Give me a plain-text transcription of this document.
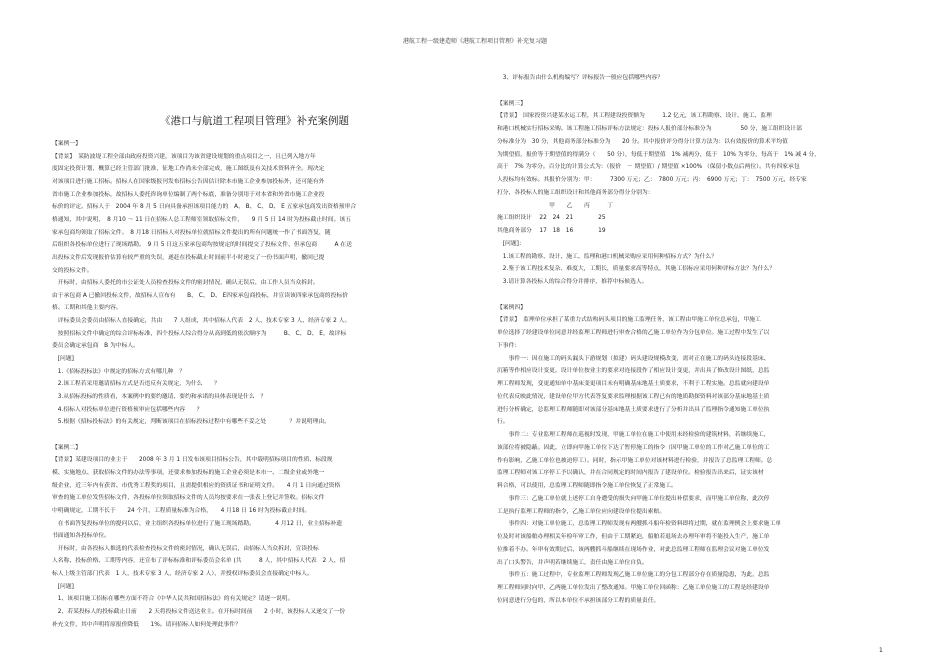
港航工程一级建造师《港航工程项目管理》补充复习题
《港口与航道工程项目管理》补充案例题
【案例一】
【背景】　某防波堤工程全部由政府投资兴建，该项目为该省建设规划的重点项目之一，且已列入地方年
度固定投资计划，概算已经主管部门批准，征地工作尚未全部完成，施工图纸及有关技术资料齐全。现决定
对该项目进行施工招标。招标人在国家级报刊发布招标公告因估计除本市施工企业参加投标外，还可能有外
省市施工企业参加投标，故招标人委托咨询单位编制了两个标底，准备分别用于对本省和外省市施工企业投
标价的评定。招标人于　2004 年 8 月 5 日向具备承担该项目能力的　A、 B、 C、 D、 E 五家承包商发出资格预审合
格通知，其中说明，　8 月10 ～ 11 日在招标人总工程师室领取招标文件，　　9 月 5 日 14 时为投标截止时间。该五
家承包商均领取了招标文件。　8 月18 日招标人对投标单位就招标文件提出的所有问题统一作了书面答复，随
后组织各投标单位进行了现场踏勘。　9 月 5 日这五家承包商均按规定的时间提交了投标文件，但承包商　　　A 在送
出投标文件后发现报价估算有较严重的失误，遂赶在投标截止时间前半小时递交了一份书面声明，撤回已提
交的投标文件。
　开标时，由招标人委托的市公证处人员检查投标文件的密封情况，确认无误后，由工作人员当众拆封。
由于承包商 A 已撤回投标文件，故招标人宣布有　　B、 C、 D、 E四家承包商投标，并宣读该四家承包商的投标价
格、工期和其他主要内容。
　评标委员会委员由招标人直接确定，共由　　7 人组成，其中招标人代表　2 人、技术专家 3 人、经济专家 2 人。
　按照招标文件中确定的综合评标标准，四个投标人综合得分从高到低的依次顺序为　　　B、 C、 D、 E，故评标
委员会确定承包商　B 为中标人。
　[问题]
　1.《招标投标法》中规定的招标方式有哪几种　？
　2.该工程若采用邀请招标方式是否违反有关规定，为什么　　？
　3.从招标投标的性质看，本案例中的要约邀请、要约和承诺的具体表现是什么　？
　4.招标人对投标单位进行资格预审应包括哪些内容　　？
　5.根据《招标投标法》的有关规定，判断该项目在招标投标过程中有哪些不妥之处　　　　？并说明理由。
【案例二】
【背景】某建设项目的业主于　　2008 年 3 月 1 日发布该项目招标公告，其中载明招标项目的性质、标段规
模、实施地点、获取招标文件的办法等事项，还要求参加投标的施工企业必须是本市一、二级企业或外地一
级企业，近三年内有获省、市优秀工程奖的项目，且需提供相应的资质证书和证明文件。　　4 月 1 日向通过资格
审查的施工单位发售招标文件，各投标单位领取招标文件的人员均按要求在一张表上登记并签收。招标文件
中明确规定，工期不长于　　24 个月，工程质量标准为合格，　　4 月18 日 16 时为投标截止时间。
　在书面答复投标单位的提问以后，业主组织各投标单位进行了施工现场踏勘。　　　　4 月12 日，业主招标补遗
书面通知各投标单位。
　开标时，由各投标人推选的代表检查投标文件的密封情况，确认无误后，由招标人当众拆封，宣读投标
人名称、投标价格、工期等内容，还宣布了评标标准和评标委员会名单 (共　　　8 人，其中招标人代表　2 人，招
标人上级主管部门代表　1 人，技术专家 3 人，经济专家 2 人），并授权评标委员会直接确定中标人。
　[问题]
　1、该项目施工招标在哪些方面不符合《中华人民共和国招标法》的有关规定？请逐一说明。
　2、若某投标人的投标截止日前　　2 天将投标文件送达业主。在开标时间前　　2 小时，该投标人又递交了一份
补充文件，其中声明将原报价降低　　1%。请问招标人如何处理此事件？
　3、评标报告由什么机构编写？评标报告一般应包括哪些内容？
【案例三】
【背景】　国家投资兴建某水运工程，其工程建设投资额为　　　1.2 亿元，该工程勘察、设计、施工、监理
和港口机械实行招标采购。该工程施工招标评标方法规定：投标人报价部分标准分为　　　　　50 分，施工组织设计部
分标准分为　30 分，其他商务部分标准分为　　20 分。其中报价评分得分计算方法为：以有效报价的算术平均值
为期望值，报价等于期望值的得满分（　　50 分），每低于期望值　1% 减两分，低于　10% 为零分，每高于　1% 减 4 分，
高于　7% 为零分。百分比的计算公式为：（报价　－ 期望值）/ 期望值 ×100% （保留小数点后两位）。共有四家承包
人投标均有效标。其报价分别为：甲：　　　7300 万元；乙：　7800 万元；丙：　6900 万元；丁：　7500 万元，经专家
打分，各投标人的施工组织设计和其他商务部分得分分别为：
　　　　　　　　　甲　　乙　　丙　　　丁
施工组织设计　 22　24　21　　　　 25
其他商务部分　 17　18　16　　　　 19
　[问题]：
　1.该工程的勘察、设计、施工、监理和港口机械采购应采用何种招标方式？为什么？
　2.鉴于该工程技术复杂、难度大，工期长，质量要求高等特点，其施工招标应采用何种评标方法？为什么？
　3.请计算各投标人的综合得分并排序，推荐中标候选人。
【案例四】
【背景】　监理单位承担了某重力式结构码头项目的施工监理任务，该工程由甲施工单位总承包，甲施工
单位选择了经建设单位同意并经监理工程师进行审查合格的乙施工单位作为分包单位。施工过程中发生了以
下事件：
　　事件一：因在施工的码头漏头下游规划（拟建）码头建设规模改变，需对正在施工的码头连接段基床、
沉箱等作相应设计变更。设计单位按业主的要求对连接段作了相应设计变更，并出具了修改设计图纸，总监
理工程师发现，变更通知单中基床变更项目未有明确基床地基土质要求，不利于工程实施。总监就向建设单
位代表反映此情况，建设单位甲方代表答复要求监理根据该工程已有的地质勘探资料对该部分基床地基土质
进行分析确定，总监理工程师随即对该部分基床地基土质要求进行了分析并出具了监理指令通知施工单位执
行。
　　事件二：专业监理工程师在巡视时发现，甲施工单位在施工中使用未经检验的建筑材料，若继续施工，
该部位将被隐蔽。因此，立即向甲施工单位下达了暂停施工的指令（因甲施工单位的工作对乙施工单位的工
作有影响，乙施工单位也被迫停工）。同时，指示甲施工单位对该材料进行检验，并报告了总监理工程师。总
监理工程师对该工序停工予以确认，并在合同规定的时间内报告了建设单位。检验报告出来后，证实该材
料合格，可以使用，总监理工程师随即指令施工单位恢复了正常施工。
　　事件三：乙施工单位就上述停工自身遭受的损失向甲施工单位提出补偿要求，而甲施工单位称，此次停
工是执行监理工程师的指令，乙施工单位应向建设单位提出索赔。
　　事件四：对施工单位施工，总监理工程师发现有两艘抓斗船年检资料即将过期，就在监理例会上要求施工单
位及时对该船舶办理相关年检年审工作，但由于工期紧迫，船舶若退场去办理年审将不能投入生产，施工单
位推着不办。年审有效期过后，该两艘抓斗船继续在现场作业，对此总监理工程师在监理会议对施工单位发
出了口头警告，并声明若继续施工，责任由施工单位自负。
　　事件五：施工过程中，专业监理工程师发现乙施工单位施工的分包工程部分存在质量隐患，为此，总监
理工程师同时向甲、乙两施工单位发出了整改通知。甲施工单位回函称：乙施工单位施工的工程是经建设单
位同意进行分包的，所以本单位不承担该部分工程的质量责任。
1
